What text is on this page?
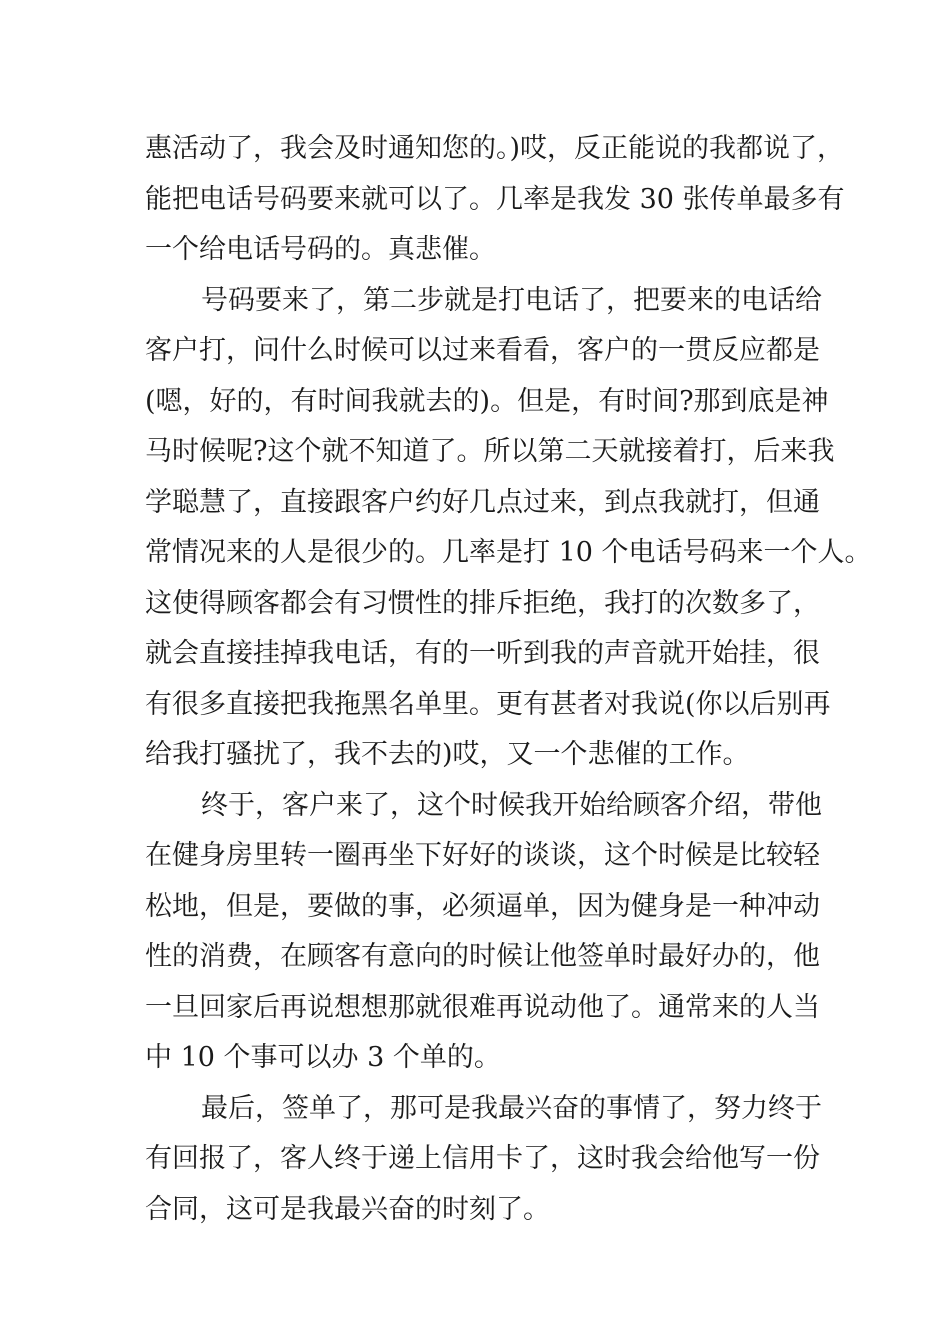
惠活动了，我会及时通知您的。)哎，反正能说的我都说了，
能把电话号码要来就可以了。几率是我发 30 张传单最多有
一个给电话号码的。真悲催。
号码要来了，第二步就是打电话了，把要来的电话给
客户打，问什么时候可以过来看看，客户的一贯反应都是
(嗯，好的，有时间我就去的)。但是，有时间?那到底是神
马时候呢?这个就不知道了。所以第二天就接着打，后来我
学聪慧了，直接跟客户约好几点过来，到点我就打，但通
常情况来的人是很少的。几率是打 10 个电话号码来一个人。
这使得顾客都会有习惯性的排斥拒绝，我打的次数多了，
就会直接挂掉我电话，有的一听到我的声音就开始挂，很
有很多直接把我拖黑名单里。更有甚者对我说(你以后别再
给我打骚扰了，我不去的)哎，又一个悲催的工作。
终于，客户来了，这个时候我开始给顾客介绍，带他
在健身房里转一圈再坐下好好的谈谈，这个时候是比较轻
松地，但是，要做的事，必须逼单，因为健身是一种冲动
性的消费，在顾客有意向的时候让他签单时最好办的，他
一旦回家后再说想想那就很难再说动他了。通常来的人当
中 10 个事可以办 3 个单的。
最后，签单了，那可是我最兴奋的事情了，努力终于
有回报了，客人终于递上信用卡了，这时我会给他写一份
合同，这可是我最兴奋的时刻了。
